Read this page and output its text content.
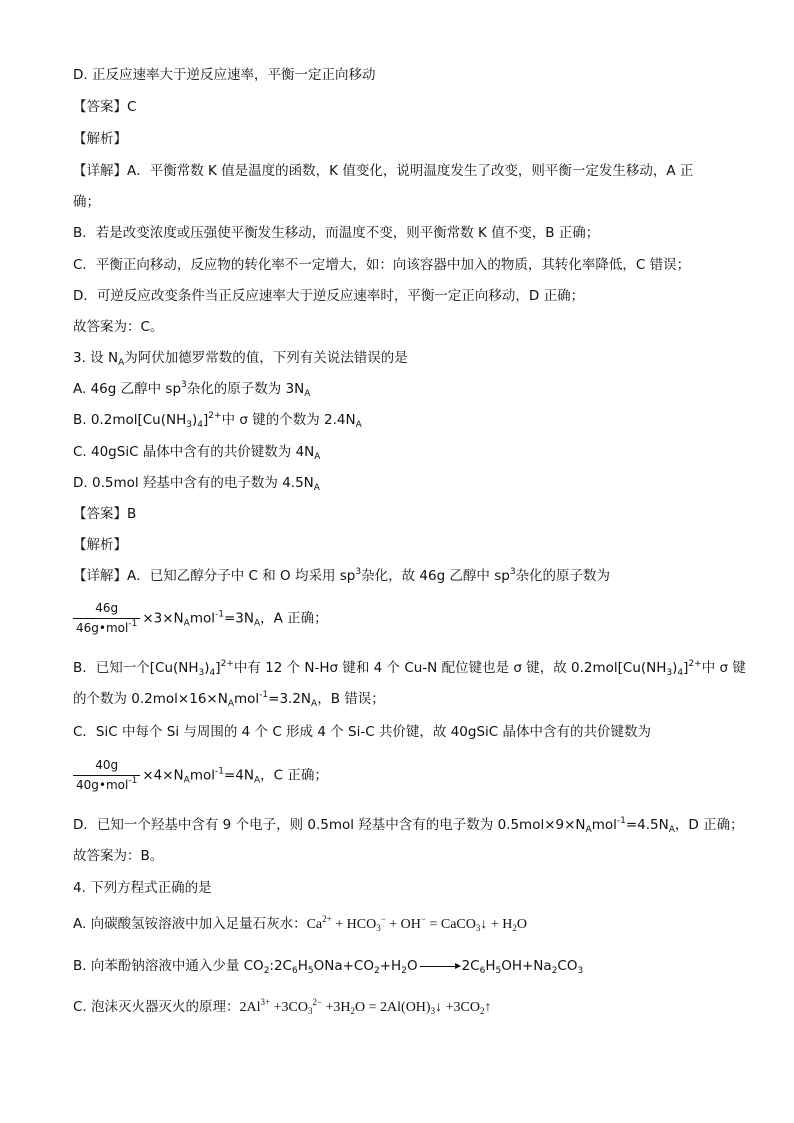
D. 正反应速率大于逆反应速率，平衡一定正向移动
【答案】C
【解析】
【详解】A．平衡常数 K 值是温度的函数，K 值变化，说明温度发生了改变，则平衡一定发生移动，A 正
确；
B．若是改变浓度或压强使平衡发生移动，而温度不变，则平衡常数 K 值不变，B 正确；
C．平衡正向移动，反应物的转化率不一定增大，如：向该容器中加入的物质，其转化率降低，C 错误；
D．可逆反应改变条件当正反应速率大于逆反应速率时，平衡一定正向移动，D 正确；
故答案为：C。
3. 设 $N_A$为阿伏加德罗常数的值，下列有关说法错误的是
A. 46g 乙醇中 $sp^3$杂化的原子数为 $3N_A$
B. $0.2mol[Cu(NH_3)_4]^{2+}$中 σ 键的个数为 $2.4N_A$
C. 40gSiC 晶体中含有的共价键数为 $4N_A$
D. 0.5mol 羟基中含有的电子数为 $4.5N_A$
【答案】B
【解析】
【详解】A．已知乙醇分子中 C 和 O 均采用 $sp^3$杂化，故 46g 乙醇中 $sp^3$杂化的原子数为
$\frac{46g}{46g•mol^{-1}} \times 3\times N_Amol^{-1}=3N_A$，A 正确；
B．已知一个$[Cu(NH_3)_4]^{2+}$中有 12 个 N-Hσ 键和 4 个 Cu-N 配位键也是 σ 键，故 $0.2mol[Cu(NH_3)_4]^{2+}$中 σ 键
的个数为 $0.2mol\times 16\times N_Amol^{-1}=3.2N_A$，B 错误；
C．SiC 中每个 Si 与周围的 4 个 C 形成 4 个 Si-C 共价键，故 40gSiC 晶体中含有的共价键数为
$\frac{40g}{40g•mol^{-1}} \times 4\times N_Amol^{-1}=4N_A$，C 正确；
D．已知一个羟基中含有 9 个电子，则 0.5mol 羟基中含有的电子数为 $0.5mol\times 9\times N_Amol^{-1}=4.5N_A$，D 正确；
故答案为：B。
4. 下列方程式正确的是
A. 向碳酸氢铵溶液中加入足量石灰水：$Ca^{2+} + HCO_3^- + OH^-$ = CaCO$_3$↓ + $H_2O$
B. 向苯酚钠溶液中通入少量 $CO_2:2C_6H_5ONa+CO_2+H_2O$	$2C_6H_5OH+Na_2CO_3$
C. 泡沫灭火器灭火的原理：$2Al^{3+} +3CO_3^{2-} +3H_2O$ = $2Al(OH)_3↓$ $+3CO_2↑$
